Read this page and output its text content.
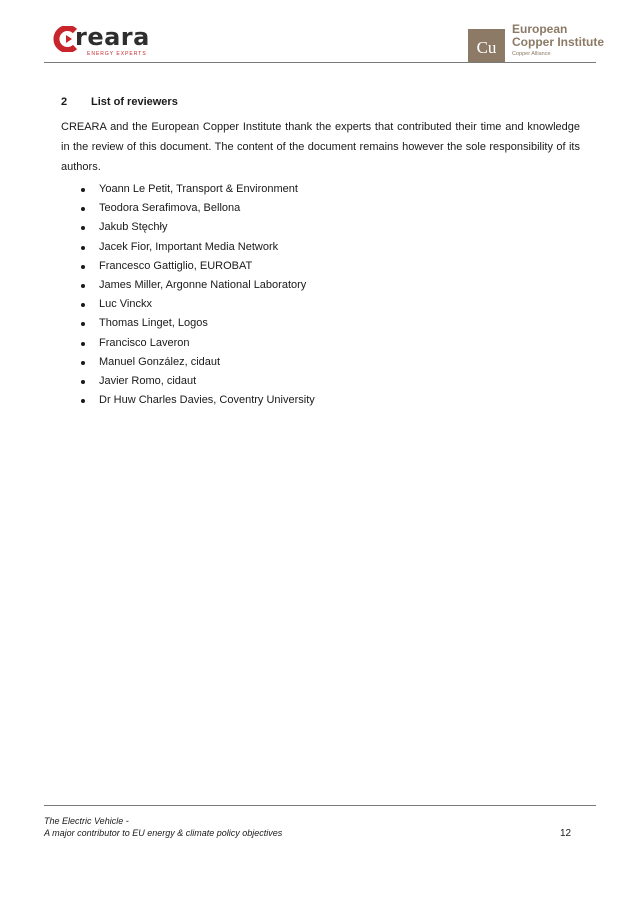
reara
ENERGY EXPERTS	Cu
European
Copper Institute
Copper Alliance
2 List of reviewers
CREARA and the European Copper Institute thank the experts that contributed their time and knowledge in the review of this document. The content of the document remains however the sole responsibility of its authors.
Yoann Le Petit, Transport & Environment
Teodora Serafimova, Bellona
Jakub Stęchły
Jacek Fior, Important Media Network
Francesco Gattiglio, EUROBAT
James Miller, Argonne National Laboratory
Luc Vinckx
Thomas Linget, Logos
Francisco Laveron
Manuel González, cidaut
Javier Romo, cidaut
Dr Huw Charles Davies, Coventry University
The Electric Vehicle -
A major contributor to EU energy & climate policy objectives	12
